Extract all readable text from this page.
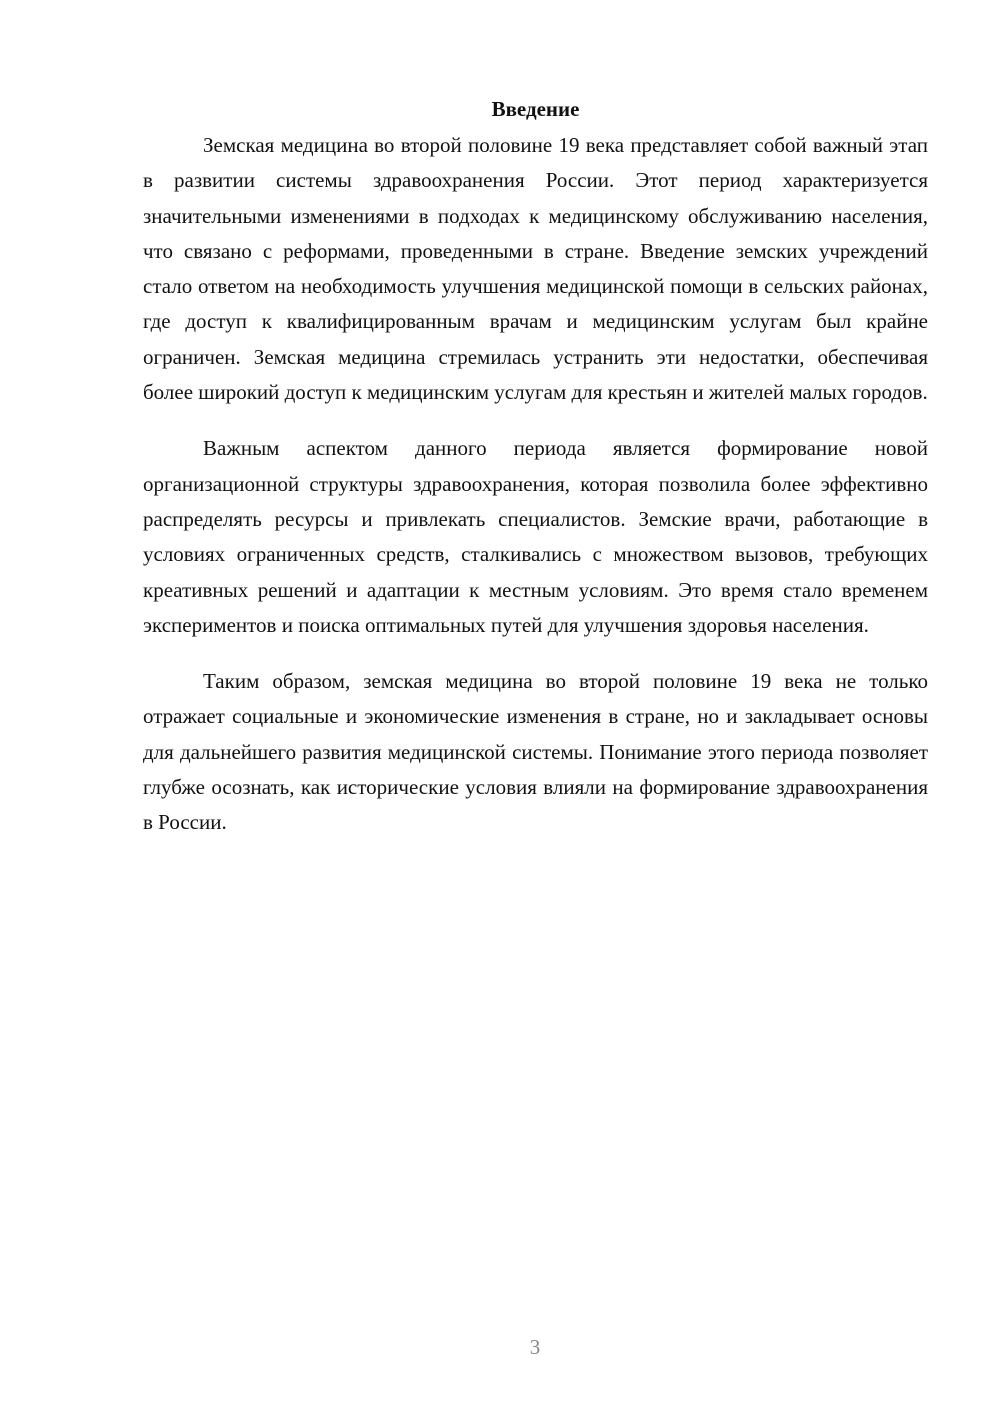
Введение

Земская медицина во второй половине 19 века представляет собой важный этап в развитии системы здравоохранения России. Этот период характеризуется значительными изменениями в подходах к медицинскому обслуживанию населения, что связано с реформами, проведенными в стране. Введение земских учреждений стало ответом на необходимость улучшения медицинской помощи в сельских районах, где доступ к квалифицированным врачам и медицинским услугам был крайне ограничен. Земская медицина стремилась устранить эти недостатки, обеспечивая более широкий доступ к медицинским услугам для крестьян и жителей малых городов.

Важным аспектом данного периода является формирование новой организационной структуры здравоохранения, которая позволила более эффективно распределять ресурсы и привлекать специалистов. Земские врачи, работающие в условиях ограниченных средств, сталкивались с множеством вызовов, требующих креативных решений и адаптации к местным условиям. Это время стало временем экспериментов и поиска оптимальных путей для улучшения здоровья населения.

Таким образом, земская медицина во второй половине 19 века не только отражает социальные и экономические изменения в стране, но и закладывает основы для дальнейшего развития медицинской системы. Понимание этого периода позволяет глубже осознать, как исторические условия влияли на формирование здравоохранения в России.

3
